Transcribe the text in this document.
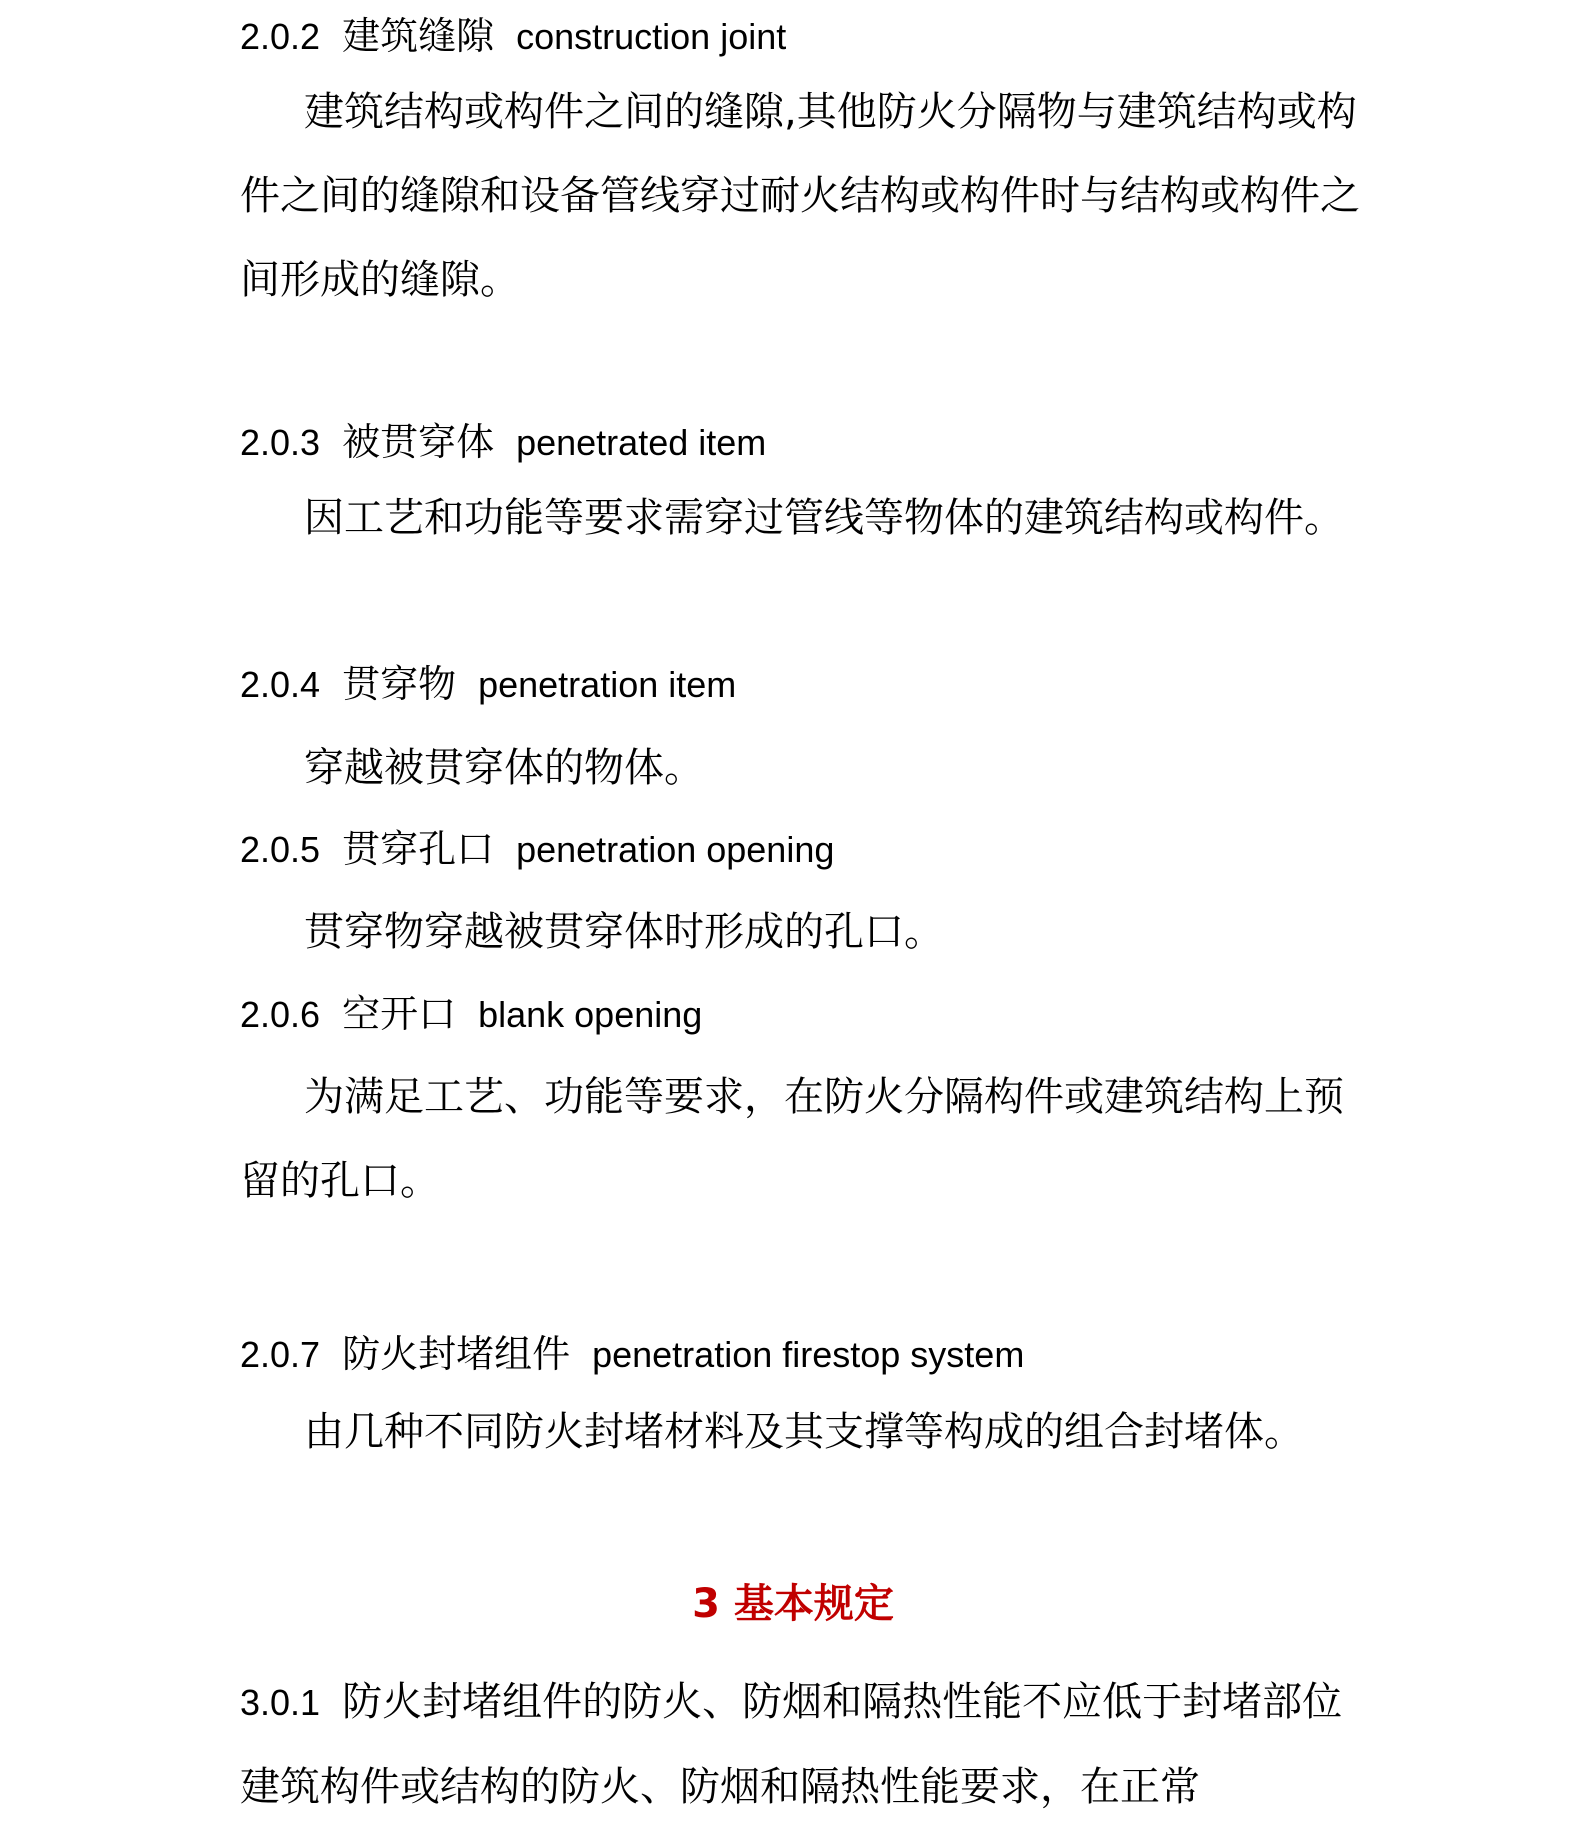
2.0.2 建筑缝隙 construction joint

建筑结构或构件之间的缝隙,其他防火分隔物与建筑结构或构件之间的缝隙和设备管线穿过耐火结构或构件时与结构或构件之间形成的缝隙。

2.0.3 被贯穿体 penetrated item

因工艺和功能等要求需穿过管线等物体的建筑结构或构件。

2.0.4 贯穿物 penetration item

穿越被贯穿体的物体。

2.0.5 贯穿孔口 penetration opening

贯穿物穿越被贯穿体时形成的孔口。

2.0.6 空开口 blank opening

为满足工艺、功能等要求，在防火分隔构件或建筑结构上预留的孔口。

2.0.7 防火封堵组件 penetration firestop system

由几种不同防火封堵材料及其支撑等构成的组合封堵体。

3 基本规定

3.0.1 防火封堵组件的防火、防烟和隔热性能不应低于封堵部位建筑构件或结构的防火、防烟和隔热性能要求，在正常
